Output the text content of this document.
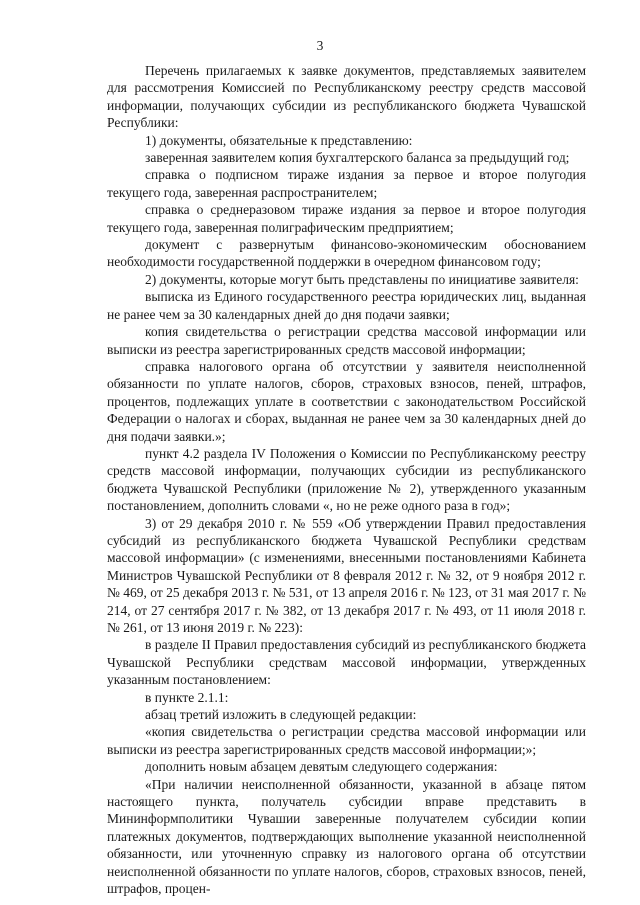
3

Перечень прилагаемых к заявке документов, представляемых заявителем для рассмотрения Комиссией по Республиканскому реестру средств массовой информации, получающих субсидии из республиканского бюджета Чувашской Республики:

1) документы, обязательные к представлению:

заверенная заявителем копия бухгалтерского баланса за предыдущий год;

справка о подписном тираже издания за первое и второе полугодия текущего года, заверенная распространителем;

справка о среднеразовом тираже издания за первое и второе полугодия текущего года, заверенная полиграфическим предприятием;

документ с развернутым финансово-экономическим обоснованием необходимости государственной поддержки в очередном финансовом году;

2) документы, которые могут быть представлены по инициативе заявителя:

выписка из Единого государственного реестра юридических лиц, выданная не ранее чем за 30 календарных дней до дня подачи заявки;

копия свидетельства о регистрации средства массовой информации или выписки из реестра зарегистрированных средств массовой информации;

справка налогового органа об отсутствии у заявителя неисполненной обязанности по уплате налогов, сборов, страховых взносов, пеней, штрафов, процентов, подлежащих уплате в соответствии с законодательством Российской Федерации о налогах и сборах, выданная не ранее чем за 30 календарных дней до дня подачи заявки.»;

пункт 4.2 раздела IV Положения о Комиссии по Республиканскому реестру средств массовой информации, получающих субсидии из республиканского бюджета Чувашской Республики (приложение № 2), утвержденного указанным постановлением, дополнить словами «, но не реже одного раза в год»;

3) от 29 декабря 2010 г. № 559 «Об утверждении Правил предоставления субсидий из республиканского бюджета Чувашской Республики средствам массовой информации» (с изменениями, внесенными постановлениями Кабинета Министров Чувашской Республики от 8 февраля 2012 г. № 32, от 9 ноября 2012 г. № 469, от 25 декабря 2013 г. № 531, от 13 апреля 2016 г. № 123, от 31 мая 2017 г. № 214, от 27 сентября 2017 г. № 382, от 13 декабря 2017 г. № 493, от 11 июля 2018 г. № 261, от 13 июня 2019 г. № 223):

в разделе II Правил предоставления субсидий из республиканского бюджета Чувашской Республики средствам массовой информации, утвержденных указанным постановлением:

в пункте 2.1.1:

абзац третий изложить в следующей редакции:

«копия свидетельства о регистрации средства массовой информации или выписки из реестра зарегистрированных средств массовой информации;»;

дополнить новым абзацем девятым следующего содержания:

«При наличии неисполненной обязанности, указанной в абзаце пятом настоящего пункта, получатель субсидии вправе представить в Мининформполитики Чувашии заверенные получателем субсидии копии платежных документов, подтверждающих выполнение указанной неисполненной обязанности, или уточненную справку из налогового органа об отсутствии неисполненной обязанности по уплате налогов, сборов, страховых взносов, пеней, штрафов, процен-
